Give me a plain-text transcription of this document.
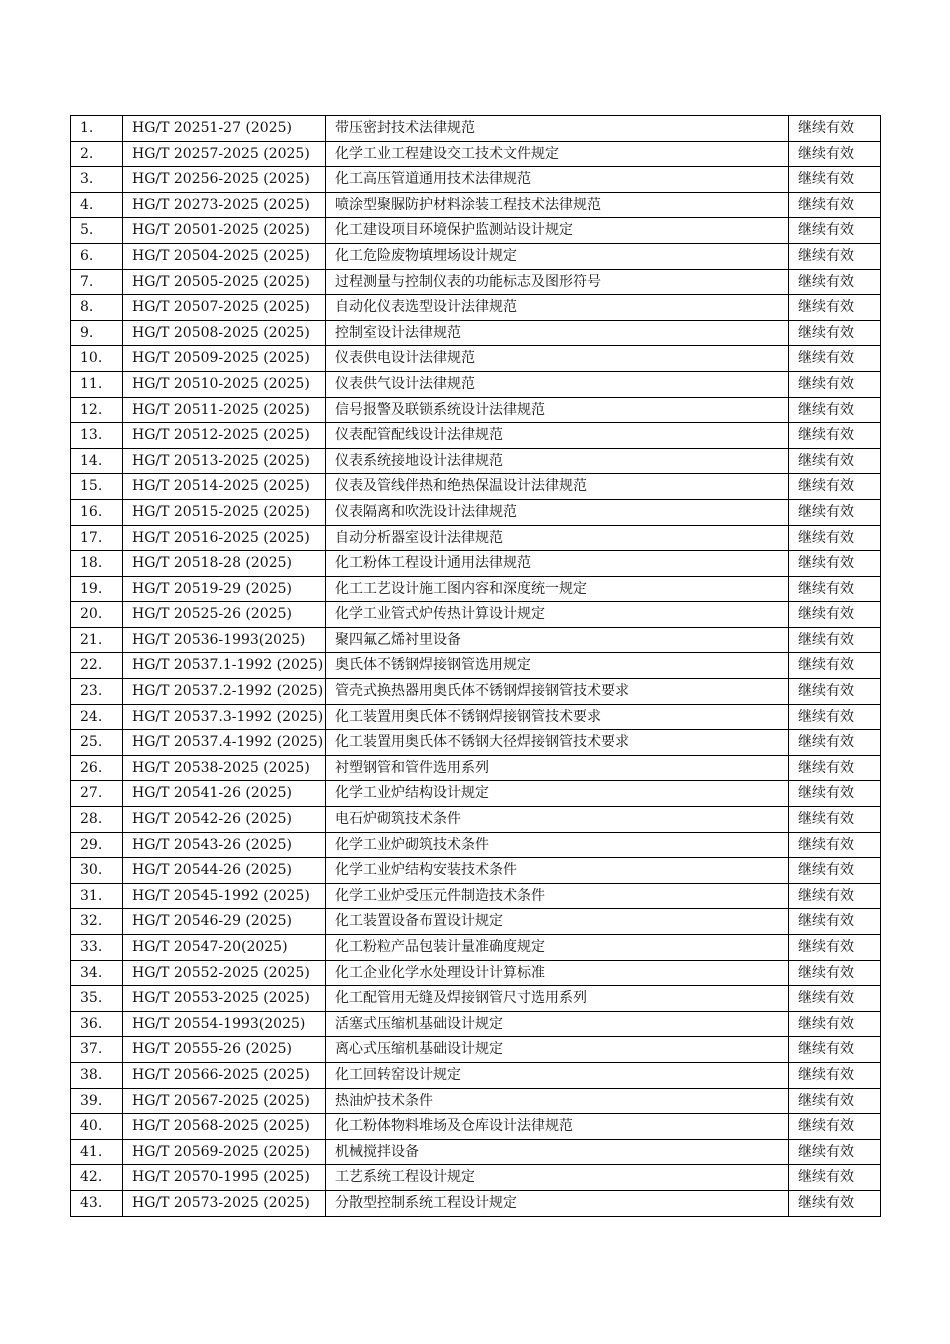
1.	HG/T 20251-27 (2025)	带压密封技术法律规范	继续有效
2.	HG/T 20257-2025 (2025)	化学工业工程建设交工技术文件规定	继续有效
3.	HG/T 20256-2025 (2025)	化工高压管道通用技术法律规范	继续有效
4.	HG/T 20273-2025 (2025)	喷涂型聚脲防护材料涂装工程技术法律规范	继续有效
5.	HG/T 20501-2025 (2025)	化工建设项目环境保护监测站设计规定	继续有效
6.	HG/T 20504-2025 (2025)	化工危险废物填埋场设计规定	继续有效
7.	HG/T 20505-2025 (2025)	过程测量与控制仪表的功能标志及图形符号	继续有效
8.	HG/T 20507-2025 (2025)	自动化仪表选型设计法律规范	继续有效
9.	HG/T 20508-2025 (2025)	控制室设计法律规范	继续有效
10.	HG/T 20509-2025 (2025)	仪表供电设计法律规范	继续有效
11.	HG/T 20510-2025 (2025)	仪表供气设计法律规范	继续有效
12.	HG/T 20511-2025 (2025)	信号报警及联锁系统设计法律规范	继续有效
13.	HG/T 20512-2025 (2025)	仪表配管配线设计法律规范	继续有效
14.	HG/T 20513-2025 (2025)	仪表系统接地设计法律规范	继续有效
15.	HG/T 20514-2025 (2025)	仪表及管线伴热和绝热保温设计法律规范	继续有效
16.	HG/T 20515-2025 (2025)	仪表隔离和吹洗设计法律规范	继续有效
17.	HG/T 20516-2025 (2025)	自动分析器室设计法律规范	继续有效
18.	HG/T 20518-28 (2025)	化工粉体工程设计通用法律规范	继续有效
19.	HG/T 20519-29 (2025)	化工工艺设计施工图内容和深度统一规定	继续有效
20.	HG/T 20525-26 (2025)	化学工业管式炉传热计算设计规定	继续有效
21.	HG/T 20536-1993(2025)	聚四氟乙烯衬里设备	继续有效
22.	HG/T 20537.1-1992 (2025)	奥氏体不锈钢焊接钢管选用规定	继续有效
23.	HG/T 20537.2-1992 (2025)	管壳式换热器用奥氏体不锈钢焊接钢管技术要求	继续有效
24.	HG/T 20537.3-1992 (2025)	化工装置用奥氏体不锈钢焊接钢管技术要求	继续有效
25.	HG/T 20537.4-1992 (2025)	化工装置用奥氏体不锈钢大径焊接钢管技术要求	继续有效
26.	HG/T 20538-2025 (2025)	衬塑钢管和管件选用系列	继续有效
27.	HG/T 20541-26 (2025)	化学工业炉结构设计规定	继续有效
28.	HG/T 20542-26 (2025)	电石炉砌筑技术条件	继续有效
29.	HG/T 20543-26 (2025)	化学工业炉砌筑技术条件	继续有效
30.	HG/T 20544-26 (2025)	化学工业炉结构安装技术条件	继续有效
31.	HG/T 20545-1992 (2025)	化学工业炉受压元件制造技术条件	继续有效
32.	HG/T 20546-29 (2025)	化工装置设备布置设计规定	继续有效
33.	HG/T 20547-20(2025)	化工粉粒产品包装计量准确度规定	继续有效
34.	HG/T 20552-2025 (2025)	化工企业化学水处理设计计算标准	继续有效
35.	HG/T 20553-2025 (2025)	化工配管用无缝及焊接钢管尺寸选用系列	继续有效
36.	HG/T 20554-1993(2025)	活塞式压缩机基础设计规定	继续有效
37.	HG/T 20555-26 (2025)	离心式压缩机基础设计规定	继续有效
38.	HG/T 20566-2025 (2025)	化工回转窑设计规定	继续有效
39.	HG/T 20567-2025 (2025)	热油炉技术条件	继续有效
40.	HG/T 20568-2025 (2025)	化工粉体物料堆场及仓库设计法律规范	继续有效
41.	HG/T 20569-2025 (2025)	机械搅拌设备	继续有效
42.	HG/T 20570-1995 (2025)	工艺系统工程设计规定	继续有效
43.	HG/T 20573-2025 (2025)	分散型控制系统工程设计规定	继续有效
